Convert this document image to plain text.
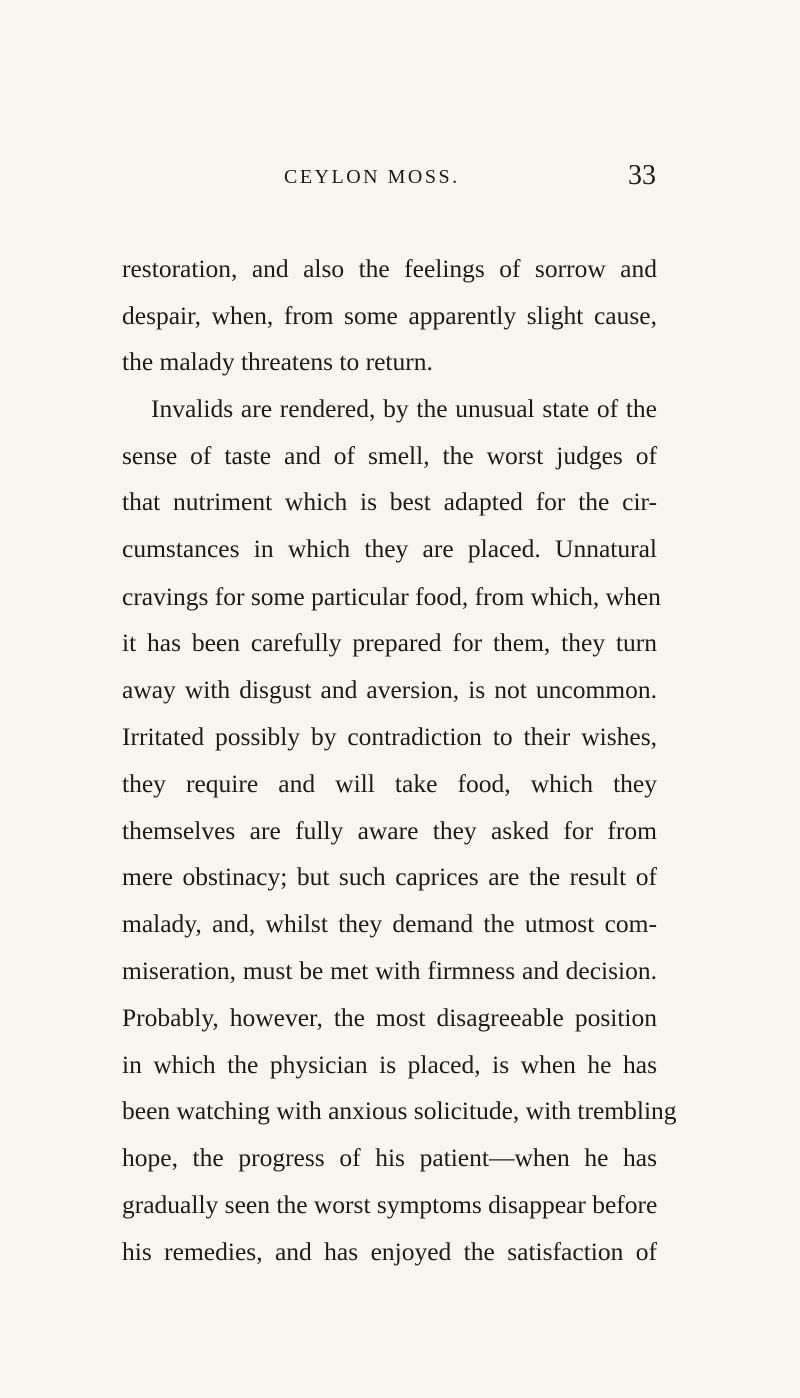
CEYLON MOSS.	33
restoration, and also the feelings of sorrow and
despair, when, from some apparently slight cause,
the malady threatens to return.
Invalids are rendered, by the unusual state of the
sense of taste and of smell, the worst judges of
that nutriment which is best adapted for the cir-
cumstances in which they are placed. Unnatural
cravings for some particular food, from which, when
it has been carefully prepared for them, they turn
away with disgust and aversion, is not uncommon.
Irritated possibly by contradiction to their wishes,
they require and will take food, which they
themselves are fully aware they asked for from
mere obstinacy; but such caprices are the result of
malady, and, whilst they demand the utmost com-
miseration, must be met with firmness and decision.
Probably, however, the most disagreeable position
in which the physician is placed, is when he has
been watching with anxious solicitude, with trembling
hope, the progress of his patient—when he has
gradually seen the worst symptoms disappear before
his remedies, and has enjoyed the satisfaction of
